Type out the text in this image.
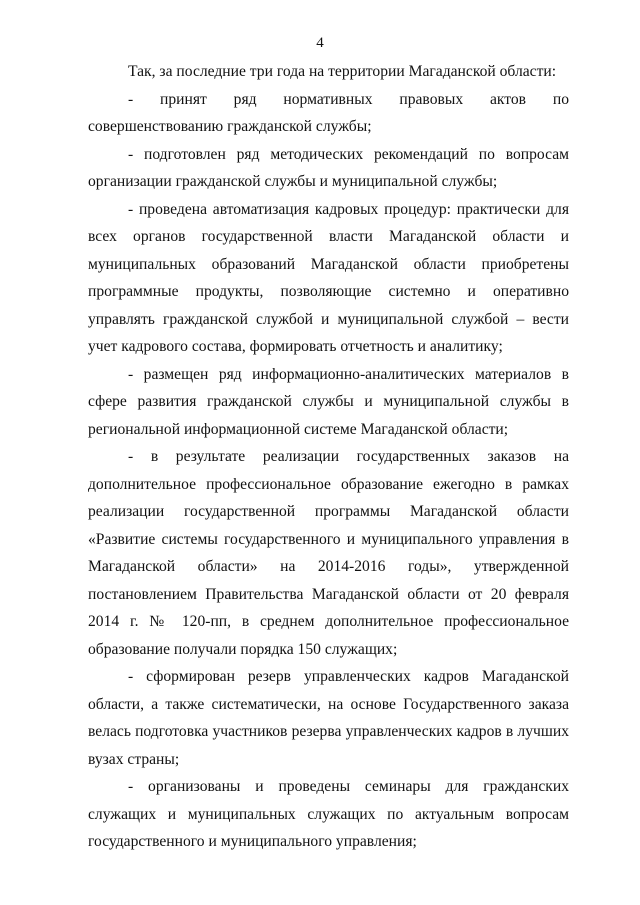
4

Так, за последние три года на территории Магаданской области:

- принят ряд нормативных правовых актов по совершенствованию гражданской службы;

- подготовлен ряд методических рекомендаций по вопросам организации гражданской службы и муниципальной службы;

- проведена автоматизация кадровых процедур: практически для всех органов государственной власти Магаданской области и муниципальных образований Магаданской области приобретены программные продукты, позволяющие системно и оперативно управлять гражданской службой и муниципальной службой – вести учет кадрового состава, формировать отчетность и аналитику;

- размещен ряд информационно-аналитических материалов в сфере развития гражданской службы и муниципальной службы в региональной информационной системе Магаданской области;

- в результате реализации государственных заказов на дополнительное профессиональное образование ежегодно в рамках реализации государственной программы Магаданской области «Развитие системы государственного и муниципального управления в Магаданской области» на 2014-2016 годы», утвержденной постановлением Правительства Магаданской области от 20 февраля 2014 г. № 120-пп, в среднем дополнительное профессиональное образование получали порядка 150 служащих;

- сформирован резерв управленческих кадров Магаданской области, а также систематически, на основе Государственного заказа велась подготовка участников резерва управленческих кадров в лучших вузах страны;

- организованы и проведены семинары для гражданских служащих и муниципальных служащих по актуальным вопросам государственного и муниципального управления;
